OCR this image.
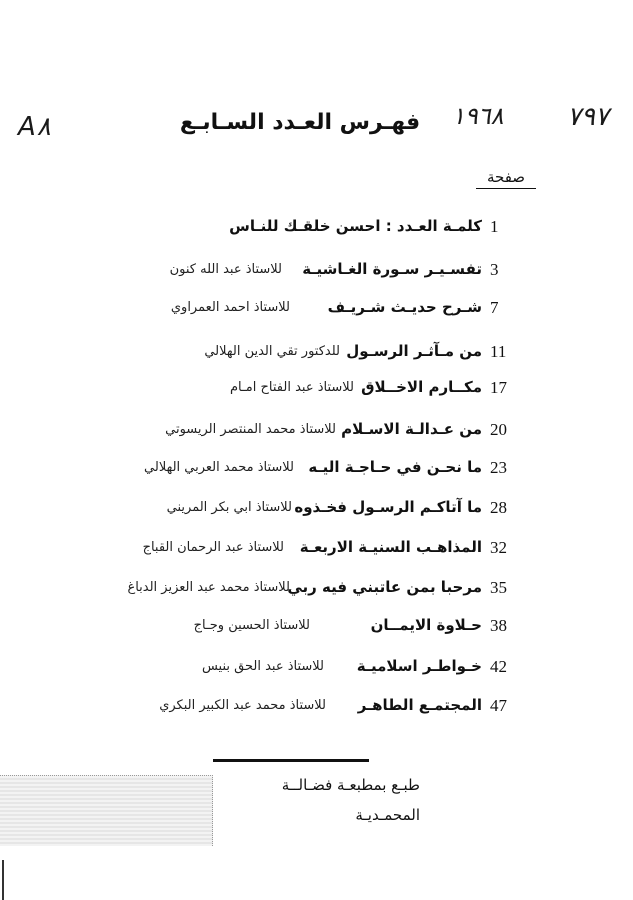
A٨	١٩٦٨ ٧٩٧
فهـرس العـدد السـابـع
صفحة
1
كلمـة العـدد : احسن خلقـك للنـاس
3
تفسـيـر سـورة الغـاشيـة
للاستاذ عبد الله كنون
7
شـرح حديـث شـريـف
للاستاذ احمد العمراوي
11
من مـآثـر الرسـول
للدكتور تقي الدين الهلالي
17
مكــارم الاخــلاق
للاستاذ عبد الفتاح امـام
20
من عـدالـة الاسـلام
للاستاذ محمد المنتصر الريسوتي
23
ما نحـن في حـاجـة اليـه
للاستاذ محمد العربي الهلالي
28
ما آتاكـم الرسـول فخـذوه
للاستاذ ابي بكر المريني
32
المذاهـب السنيـة الاربعـة
للاستاذ عبد الرحمان القباج
35
مرحبا بمن عاتبني فيه ربي
للاستاذ محمد عبد العزيز الدباغ
38
حـلاوة الايمــان
للاستاذ الحسين وجـاج
42
خـواطـر اسلاميـة
للاستاذ عبد الحق بنيس
47
المجتمـع الطاهـر
للاستاذ محمد عبد الكبير البكري
طبـع بمطبعـة فضـالــة
المحمـديـة
